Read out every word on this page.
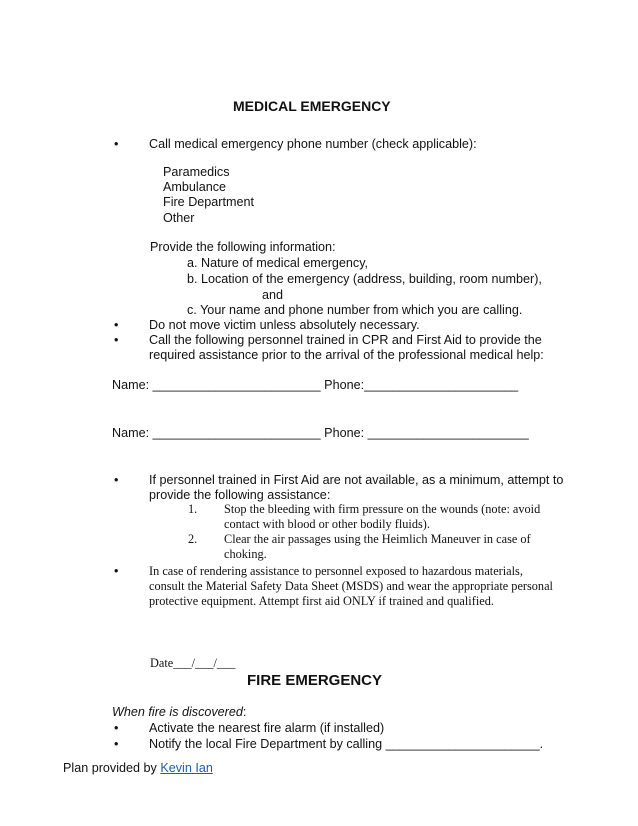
MEDICAL EMERGENCY
• Call medical emergency phone number (check applicable):
Paramedics
Ambulance
Fire Department
Other
Provide the following information:
a. Nature of medical emergency,
b. Location of the emergency (address, building, room number),
and
c. Your name and phone number from which you are calling.
• Do not move victim unless absolutely necessary.
• Call the following personnel trained in CPR and First Aid to provide the
required assistance prior to the arrival of the professional medical help:
Name: ________________________ Phone:______________________
Name: ________________________ Phone: _______________________
• If personnel trained in First Aid are not available, as a minimum, attempt to
provide the following assistance:
1. Stop the bleeding with firm pressure on the wounds (note: avoid
contact with blood or other bodily fluids).
2. Clear the air passages using the Heimlich Maneuver in case of
choking.
• In case of rendering assistance to personnel exposed to hazardous materials,
consult the Material Safety Data Sheet (MSDS) and wear the appropriate personal
protective equipment. Attempt first aid ONLY if trained and qualified.
Date___/___/___
FIRE EMERGENCY
When fire is discovered:
• Activate the nearest fire alarm (if installed)
• Notify the local Fire Department by calling ______________________.
Plan provided by Kevin Ian
